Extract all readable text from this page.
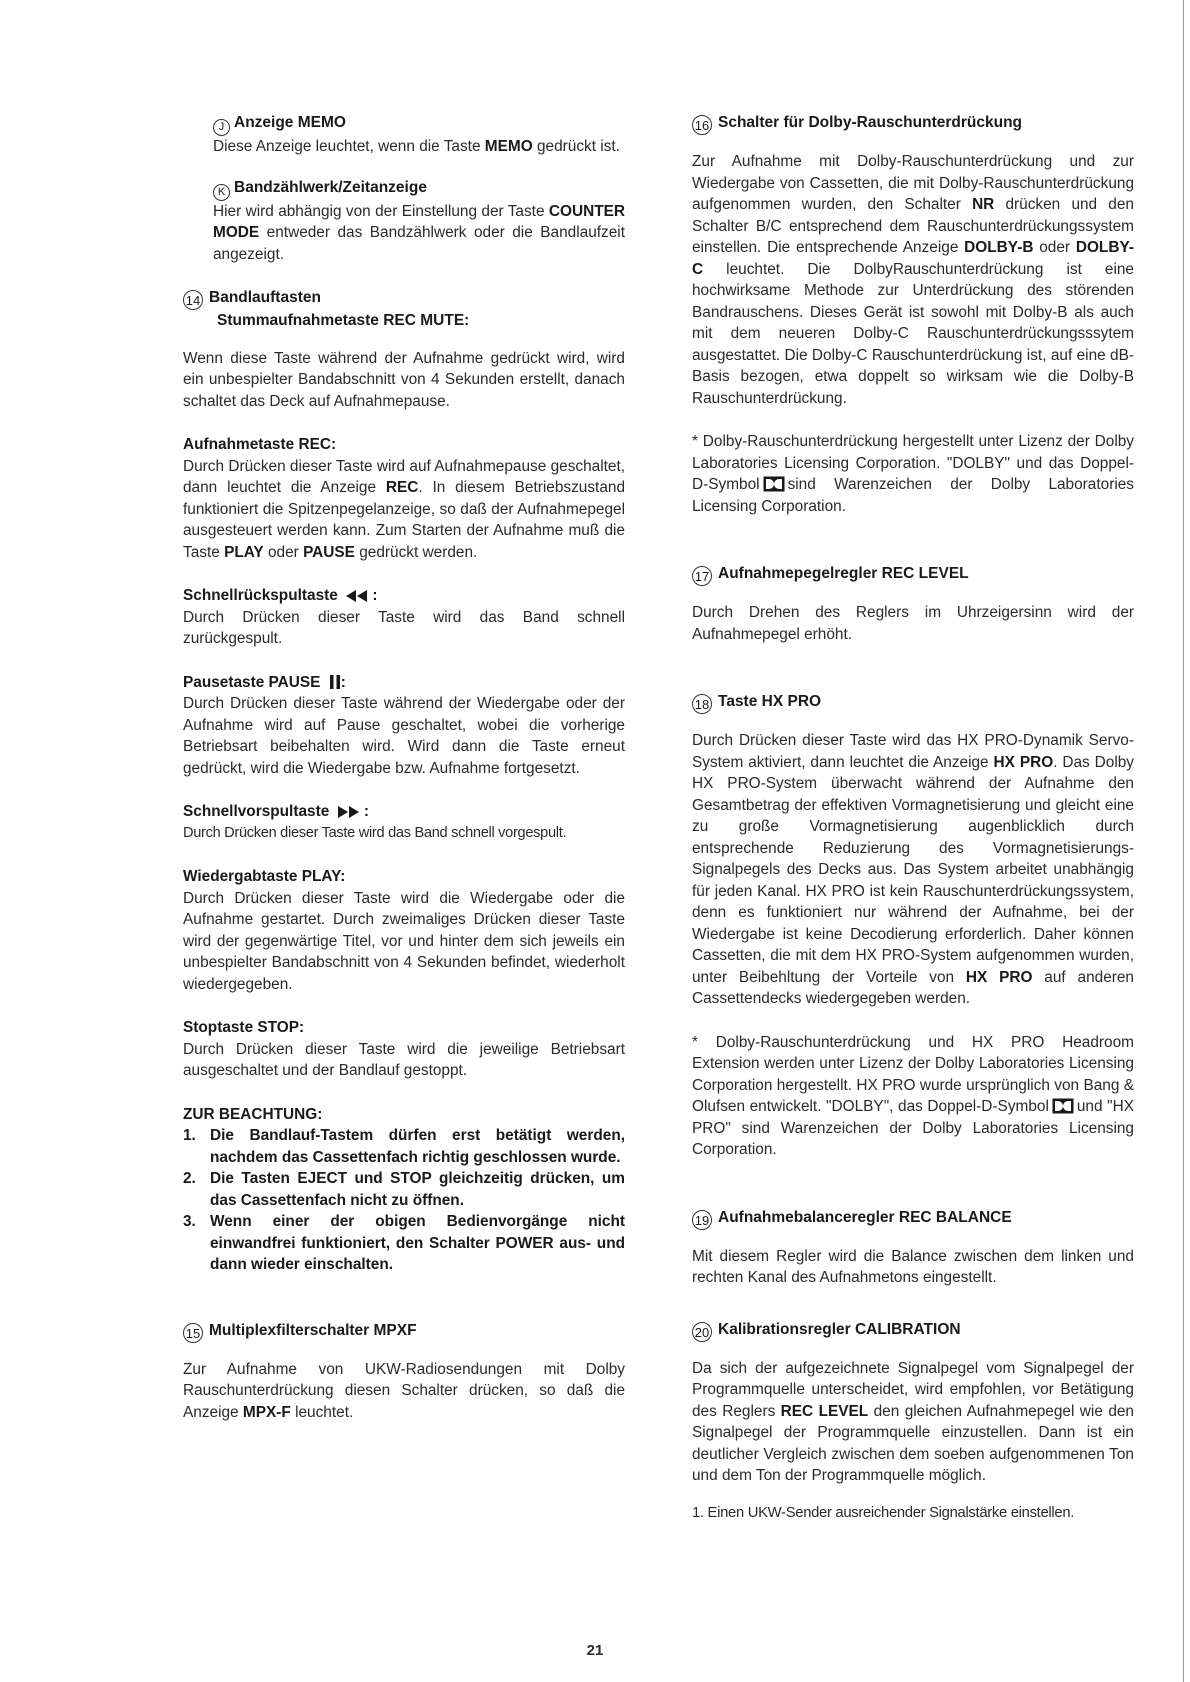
J Anzeige MEMO

Diese Anzeige leuchtet, wenn die Taste MEMO gedrückt ist.

K Bandzählwerk/Zeitanzeige

Hier wird abhängig von der Einstellung der Taste COUNTER MODE entweder das Bandzählwerk oder die Bandlaufzeit angezeigt.

14 Bandlauftasten
Stummaufnahmetaste REC MUTE:

Wenn diese Taste während der Aufnahme gedrückt wird, wird ein unbespielter Bandabschnitt von 4 Sekunden erstellt, danach schaltet das Deck auf Aufnahmepause.

Aufnahmetaste REC:

Durch Drücken dieser Taste wird auf Aufnahmepause geschaltet, dann leuchtet die Anzeige REC. In diesem Betriebszustand funktioniert die Spitzenpegelanzeige, so daß der Aufnahmepegel ausgesteuert werden kann. Zum Starten der Aufnahme muß die Taste PLAY oder PAUSE gedrückt werden.

Schnellrückspultaste :

Durch Drücken dieser Taste wird das Band schnell zurückgespult.

Pausetaste PAUSE :

Durch Drücken dieser Taste während der Wiedergabe oder der Aufnahme wird auf Pause geschaltet, wobei die vorherige Betriebsart beibehalten wird. Wird dann die Taste erneut gedrückt, wird die Wiedergabe bzw. Aufnahme fortgesetzt.

Schnellvorspultaste :

Durch Drücken dieser Taste wird das Band schnell vorgespult.

Wiedergabtaste PLAY:

Durch Drücken dieser Taste wird die Wiedergabe oder die Aufnahme gestartet. Durch zweimaliges Drücken dieser Taste wird der gegenwärtige Titel, vor und hinter dem sich jeweils ein unbespielter Bandabschnitt von 4 Sekunden befindet, wiederholt wiedergegeben.

Stoptaste STOP:

Durch Drücken dieser Taste wird die jeweilige Betriebsart ausgeschaltet und der Bandlauf gestoppt.

ZUR BEACHTUNG:
1. Die Bandlauf-Tastem dürfen erst betätigt werden, nachdem das Cassettenfach richtig geschlossen wurde.
2. Die Tasten EJECT und STOP gleichzeitig drücken, um das Cassettenfach nicht zu öffnen.
3. Wenn einer der obigen Bedienvorgänge nicht einwandfrei funktioniert, den Schalter POWER aus- und dann wieder einschalten.
15 Multiplexfilterschalter MPXF

Zur Aufnahme von UKW-Radiosendungen mit Dolby Rauschunterdrückung diesen Schalter drücken, so daß die Anzeige MPX-F leuchtet.

16 Schalter für Dolby-Rauschunterdrückung

Zur Aufnahme mit Dolby-Rauschunterdrückung und zur Wiedergabe von Cassetten, die mit Dolby-Rauschunterdrückung aufgenommen wurden, den Schalter NR drücken und den Schalter B/C entsprechend dem Rauschunterdrückungssystem einstellen. Die entsprechende Anzeige DOLBY-B oder DOLBY-C leuchtet. Die DolbyRauschunterdrückung ist eine hochwirksame Methode zur Unterdrückung des störenden Bandrauschens. Dieses Gerät ist sowohl mit Dolby-B als auch mit dem neueren Dolby-C Rauschunterdrückungsssytem ausgestattet. Die Dolby-C Rauschunterdrückung ist, auf eine dB-Basis bezogen, etwa doppelt so wirksam wie die Dolby-B Rauschunterdrückung.

* Dolby-Rauschunterdrückung hergestellt unter Lizenz der Dolby Laboratories Licensing Corporation. "DOLBY" und das Doppel-D-Symbol sind Warenzeichen der Dolby Laboratories Licensing Corporation.

17 Aufnahmepegelregler REC LEVEL

Durch Drehen des Reglers im Uhrzeigersinn wird der Aufnahmepegel erhöht.

18 Taste HX PRO

Durch Drücken dieser Taste wird das HX PRO-Dynamik Servo-System aktiviert, dann leuchtet die Anzeige HX PRO. Das Dolby HX PRO-System überwacht während der Aufnahme den Gesamtbetrag der effektiven Vormagnetisierung und gleicht eine zu große Vormagnetisierung augenblicklich durch entsprechende Reduzierung des Vormagnetisierungs-Signalpegels des Decks aus. Das System arbeitet unabhängig für jeden Kanal. HX PRO ist kein Rauschunterdrückungssystem, denn es funktioniert nur während der Aufnahme, bei der Wiedergabe ist keine Decodierung erforderlich. Daher können Cassetten, die mit dem HX PRO-System aufgenommen wurden, unter Beibehltung der Vorteile von HX PRO auf anderen Cassettendecks wiedergegeben werden.

* Dolby-Rauschunterdrückung und HX PRO Headroom Extension werden unter Lizenz der Dolby Laboratories Licensing Corporation hergestellt. HX PRO wurde ursprünglich von Bang & Olufsen entwickelt. "DOLBY", das Doppel-D-Symbol und "HX PRO" sind Warenzeichen der Dolby Laboratories Licensing Corporation.

19 Aufnahmebalanceregler REC BALANCE

Mit diesem Regler wird die Balance zwischen dem linken und rechten Kanal des Aufnahmetons eingestellt.

20 Kalibrationsregler CALIBRATION

Da sich der aufgezeichnete Signalpegel vom Signalpegel der Programmquelle unterscheidet, wird empfohlen, vor Betätigung des Reglers REC LEVEL den gleichen Aufnahmepegel wie den Signalpegel der Programmquelle einzustellen. Dann ist ein deutlicher Vergleich zwischen dem soeben aufgenommenen Ton und dem Ton der Programmquelle möglich.

1. Einen UKW-Sender ausreichender Signalstärke einstellen.

21
